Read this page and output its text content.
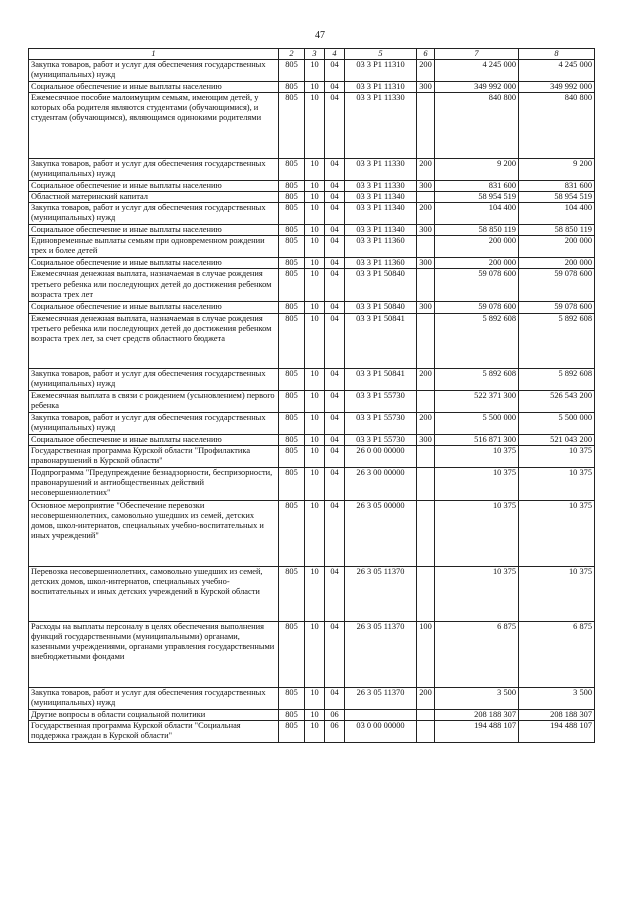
47
1	2	3	4	5	6	7	8
Закупка товаров, работ и услуг для обеспечения государственных (муниципальных) нужд	805	10	04	03 3 P1 11310	200	4 245 000	4 245 000
Социальное обеспечение и иные выплаты населению	805	10	04	03 3 P1 11310	300	349 992 000	349 992 000
Ежемесячное пособие малоимущим семьям, имеющим детей, у которых оба родителя являются студентами (обучающимися), и студентам (обучающимся), являющимся одинокими родителями	805	10	04	03 3 P1 11330		840 800	840 800
Закупка товаров, работ и услуг для обеспечения государственных (муниципальных) нужд	805	10	04	03 3 P1 11330	200	9 200	9 200
Социальное обеспечение и иные выплаты населению	805	10	04	03 3 P1 11330	300	831 600	831 600
Областной материнский капитал	805	10	04	03 3 P1 11340		58 954 519	58 954 519
Закупка товаров, работ и услуг для обеспечения государственных (муниципальных) нужд	805	10	04	03 3 P1 11340	200	104 400	104 400
Социальное обеспечение и иные выплаты населению	805	10	04	03 3 P1 11340	300	58 850 119	58 850 119
Единовременные выплаты семьям при одновременном рождении трех и более детей	805	10	04	03 3 P1 11360		200 000	200 000
Социальное обеспечение и иные выплаты населению	805	10	04	03 3 P1 11360	300	200 000	200 000
Ежемесячная денежная выплата, назначаемая в случае рождения третьего ребенка или последующих детей до достижения ребенком возраста трех лет	805	10	04	03 3 P1 50840		59 078 600	59 078 600
Социальное обеспечение и иные выплаты населению	805	10	04	03 3 P1 50840	300	59 078 600	59 078 600
Ежемесячная денежная выплата, назначаемая в случае рождения третьего ребенка или последующих детей до достижения ребенком возраста трех лет, за счет средств областного бюджета	805	10	04	03 3 P1 50841		5 892 608	5 892 608
Закупка товаров, работ и услуг для обеспечения государственных (муниципальных) нужд	805	10	04	03 3 P1 50841	200	5 892 608	5 892 608
Ежемесячная выплата в связи с рождением (усыновлением) первого ребенка	805	10	04	03 3 P1 55730		522 371 300	526 543 200
Закупка товаров, работ и услуг для обеспечения государственных (муниципальных) нужд	805	10	04	03 3 P1 55730	200	5 500 000	5 500 000
Социальное обеспечение и иные выплаты населению	805	10	04	03 3 P1 55730	300	516 871 300	521 043 200
Государственная программа Курской области "Профилактика правонарушений в Курской области"	805	10	04	26 0 00 00000		10 375	10 375
Подпрограмма "Предупреждение безнадзорности, беспризорности, правонарушений и антиобщественных действий несовершеннолетних"	805	10	04	26 3 00 00000		10 375	10 375
Основное мероприятие "Обеспечение перевозки несовершеннолетних, самовольно ушедших из семей, детских домов, школ-интернатов, специальных учебно-воспитательных и иных учреждений"	805	10	04	26 3 05 00000		10 375	10 375
Перевозка несовершеннолетних, самовольно ушедших из семей, детских домов, школ-интернатов, специальных учебно-воспитательных и иных детских учреждений в Курской области	805	10	04	26 3 05 11370		10 375	10 375
Расходы на выплаты персоналу в целях обеспечения выполнения функций государственными (муниципальными) органами, казенными учреждениями, органами управления государственными внебюджетными фондами	805	10	04	26 3 05 11370	100	6 875	6 875
Закупка товаров, работ и услуг для обеспечения государственных (муниципальных) нужд	805	10	04	26 3 05 11370	200	3 500	3 500
Другие вопросы в области социальной политики	805	10	06			208 188 307	208 188 307
Государственная программа Курской области "Социальная поддержка граждан в Курской области"	805	10	06	03 0 00 00000		194 488 107	194 488 107
